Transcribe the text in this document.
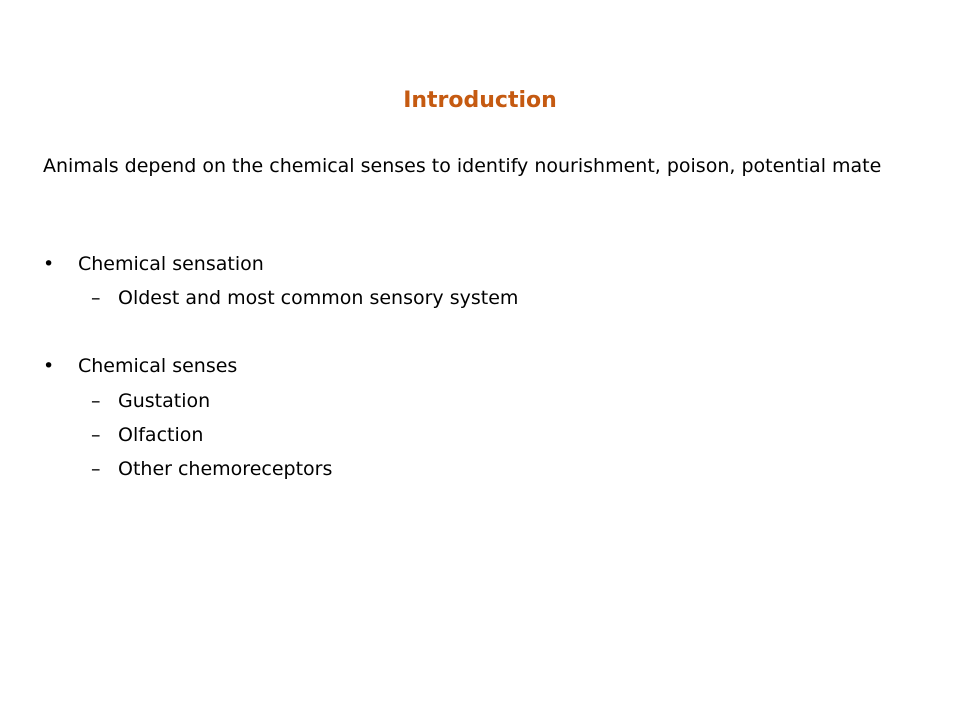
Introduction

Animals depend on the chemical senses to identify nourishment, poison, potential mate

• Chemical sensation
– Oldest and most common sensory system
• Chemical senses
– Gustation
– Olfaction
– Other chemoreceptors
